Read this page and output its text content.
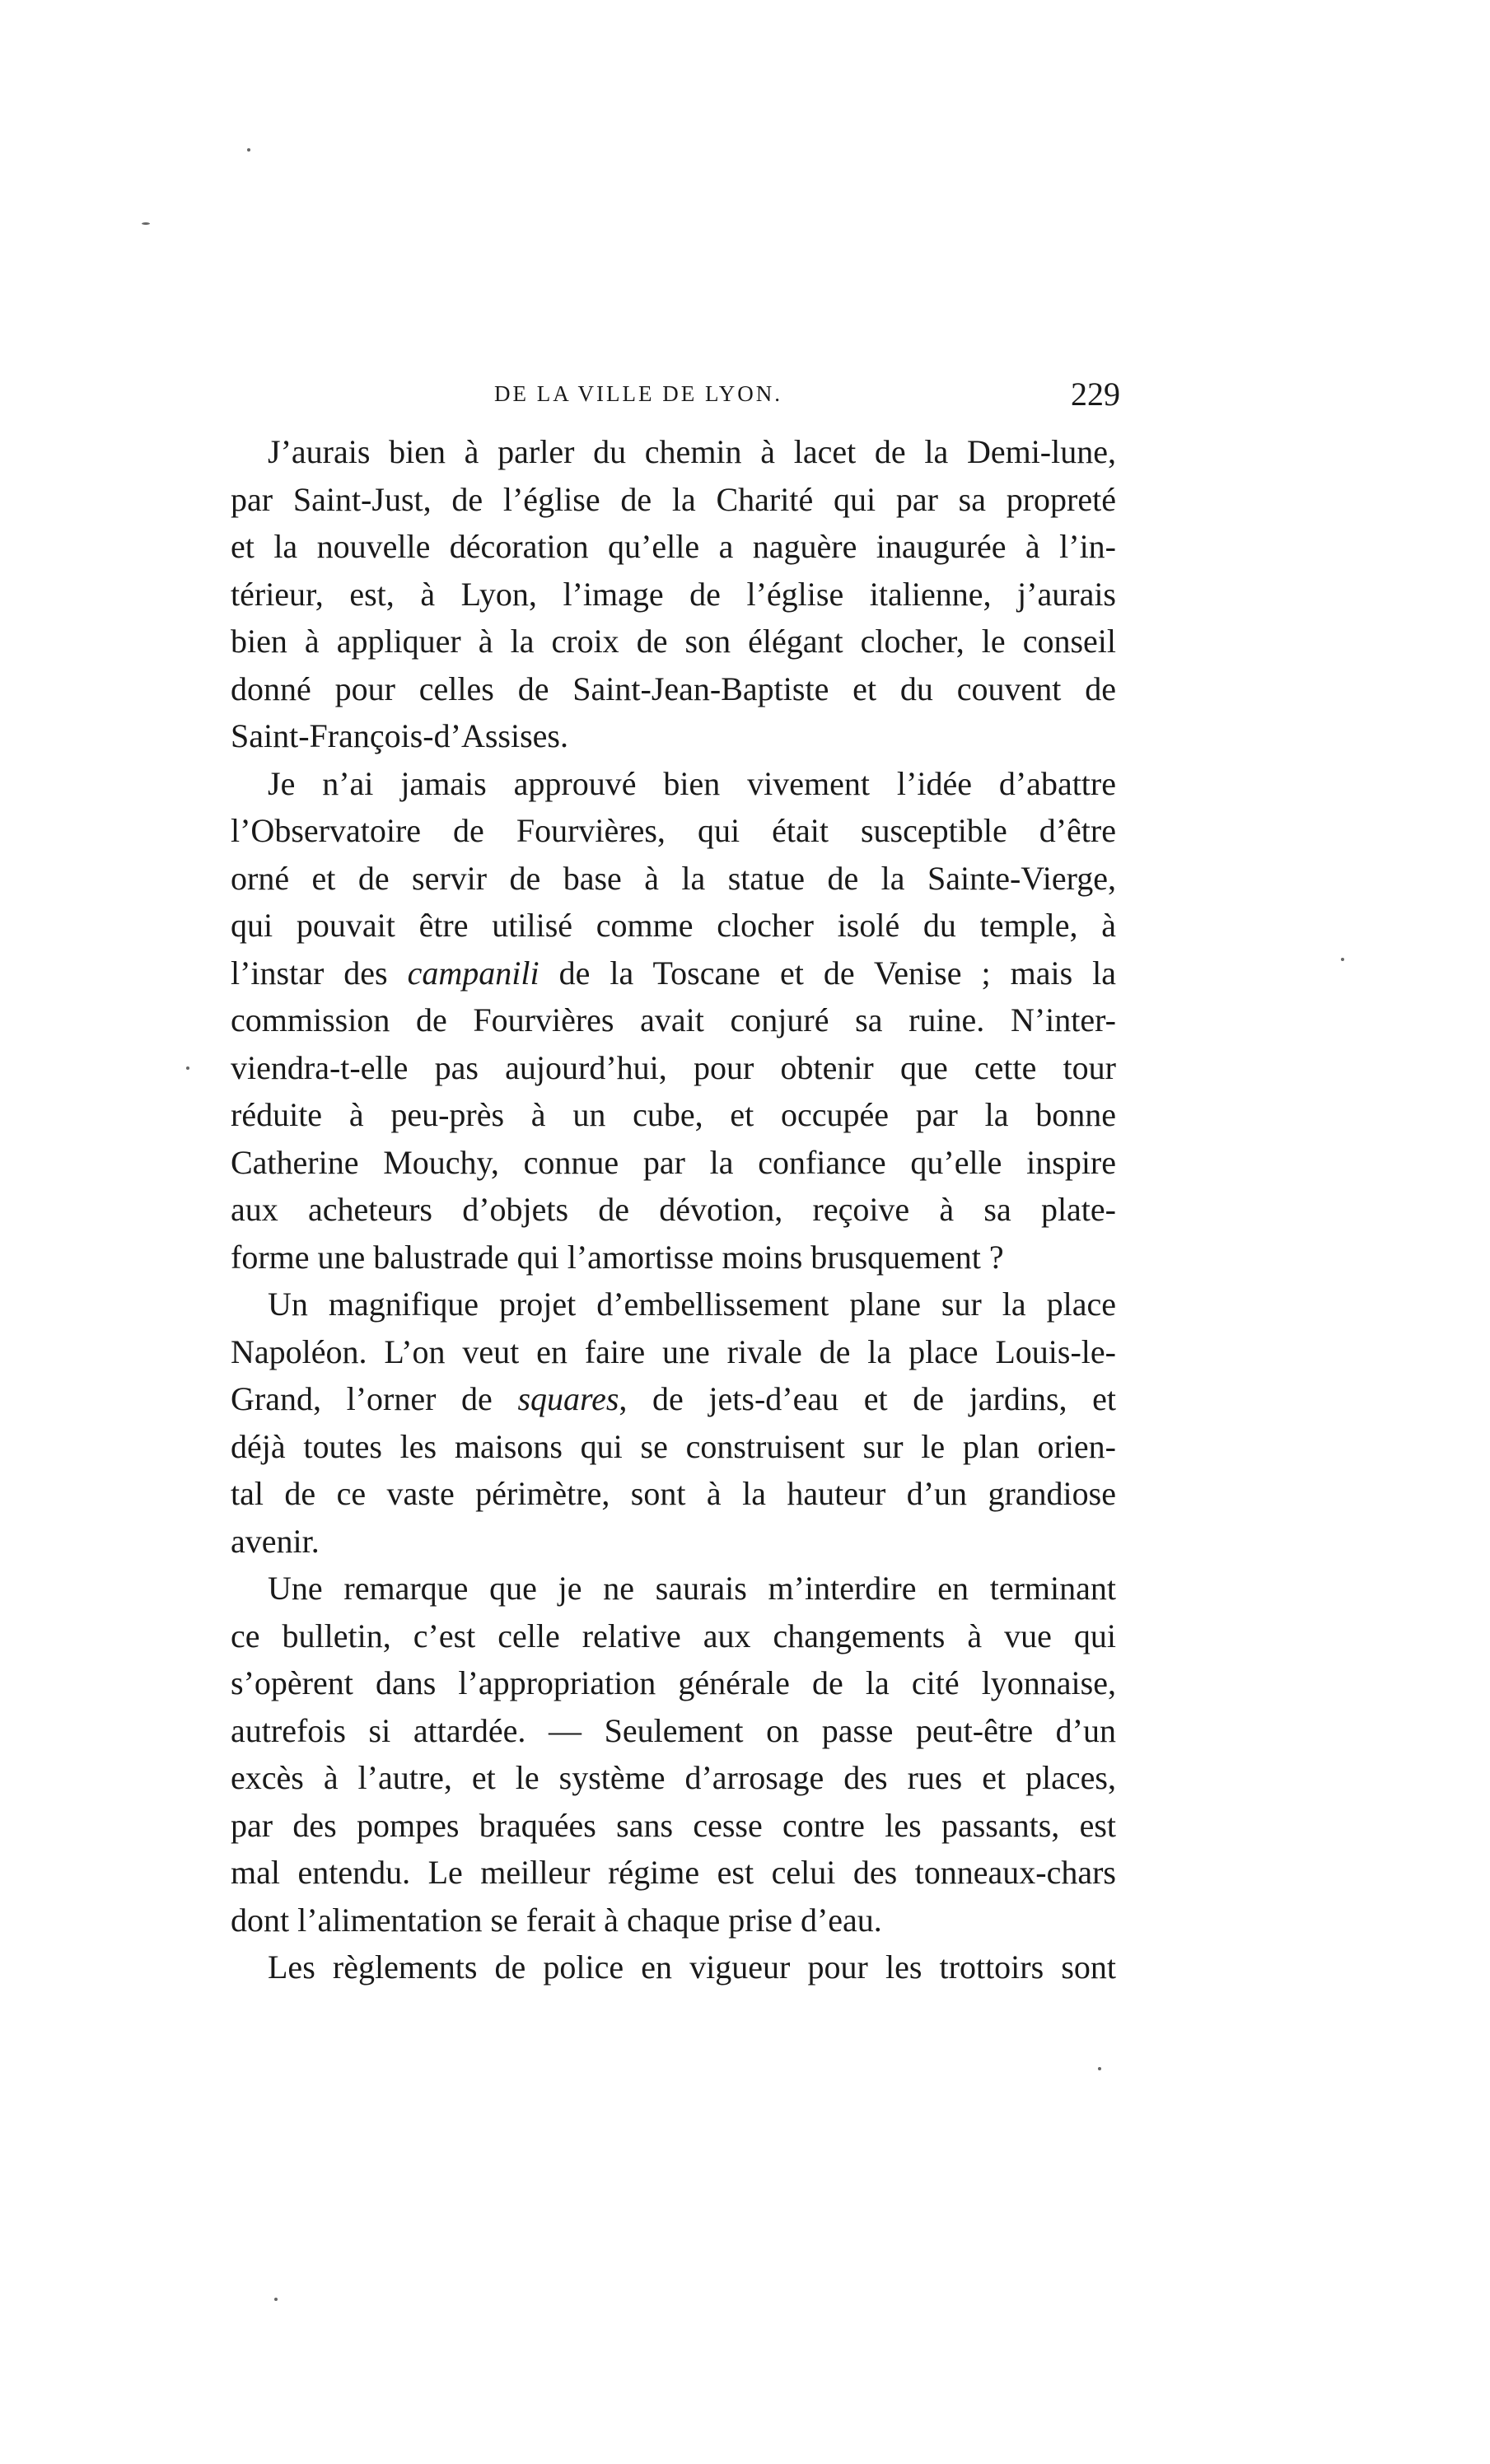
DE LA VILLE DE LYON.	229
J’aurais bien à parler du chemin à lacet de la Demi-lune,
par Saint-Just, de l’église de la Charité qui par sa propreté
et la nouvelle décoration qu’elle a naguère inaugurée à l’in-
térieur, est, à Lyon, l’image de l’église italienne, j’aurais
bien à appliquer à la croix de son élégant clocher, le conseil
donné pour celles de Saint-Jean-Baptiste et du couvent de
Saint-François-d’Assises.
Je n’ai jamais approuvé bien vivement l’idée d’abattre
l’Observatoire de Fourvières, qui était susceptible d’être
orné et de servir de base à la statue de la Sainte-Vierge,
qui pouvait être utilisé comme clocher isolé du temple, à
l’instar des campanili de la Toscane et de Venise ; mais la
commission de Fourvières avait conjuré sa ruine. N’inter-
viendra-t-elle pas aujourd’hui, pour obtenir que cette tour
réduite à peu-près à un cube, et occupée par la bonne
Catherine Mouchy, connue par la confiance qu’elle inspire
aux acheteurs d’objets de dévotion, reçoive à sa plate-
forme une balustrade qui l’amortisse moins brusquement ?
Un magnifique projet d’embellissement plane sur la place
Napoléon. L’on veut en faire une rivale de la place Louis-le-
Grand, l’orner de squares, de jets-d’eau et de jardins, et
déjà toutes les maisons qui se construisent sur le plan orien-
tal de ce vaste périmètre, sont à la hauteur d’un grandiose
avenir.
Une remarque que je ne saurais m’interdire en terminant
ce bulletin, c’est celle relative aux changements à vue qui
s’opèrent dans l’appropriation générale de la cité lyonnaise,
autrefois si attardée. — Seulement on passe peut-être d’un
excès à l’autre, et le système d’arrosage des rues et places,
par des pompes braquées sans cesse contre les passants, est
mal entendu. Le meilleur régime est celui des tonneaux-chars
dont l’alimentation se ferait à chaque prise d’eau.
Les règlements de police en vigueur pour les trottoirs sont
